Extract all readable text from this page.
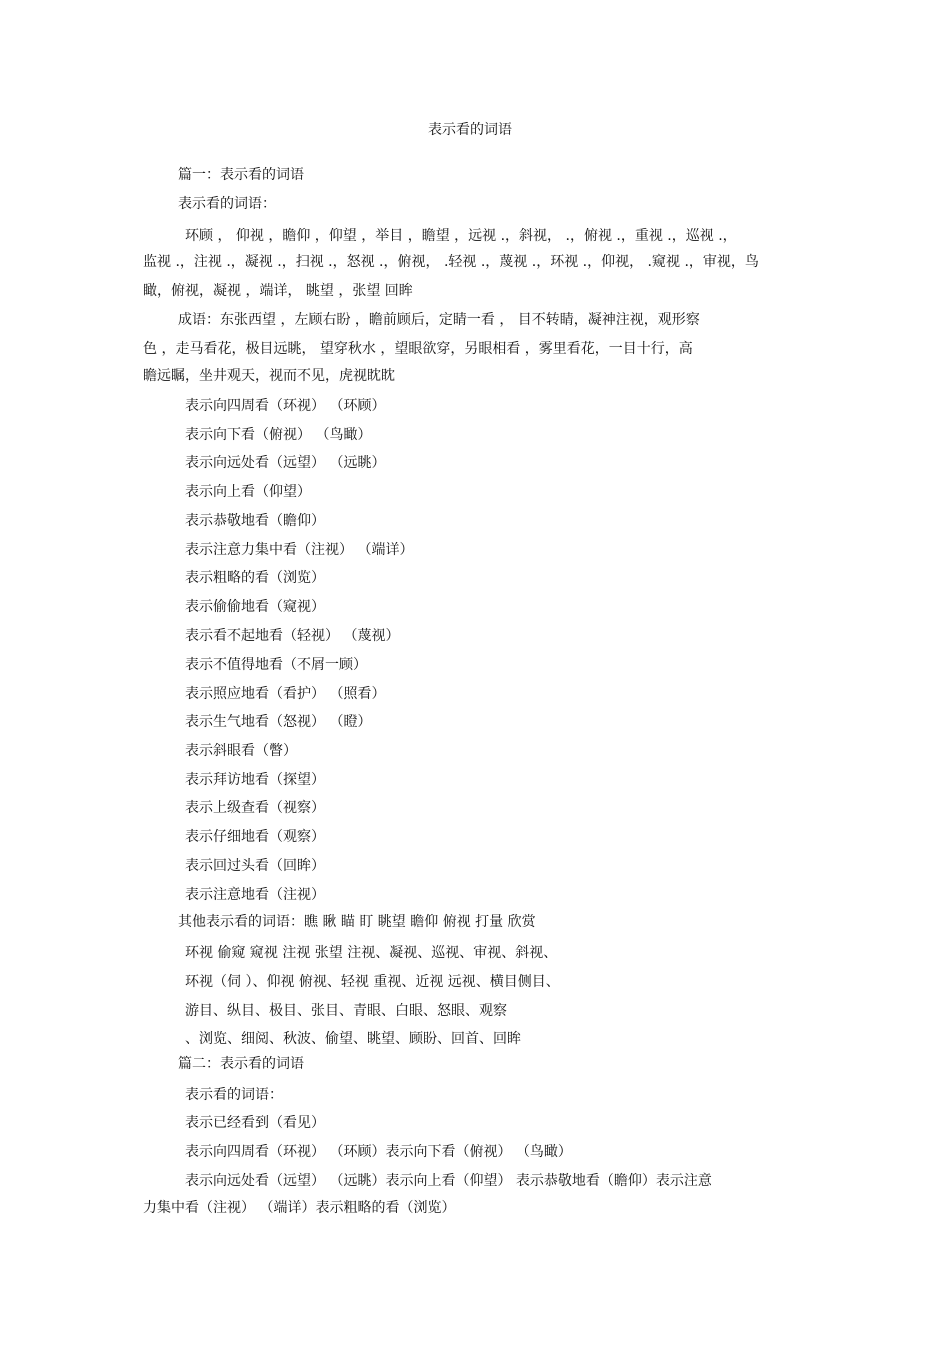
表示看的词语
篇一：表示看的词语
表示看的词语：
环顾 ， 仰视 ，瞻仰 ，仰望 ，举目 ，瞻望 ，远视 .，斜视， .，俯视 .，重视 .，巡视 .，
监视 .，注视 .，凝视 .，扫视 .，怒视 .，俯视， .轻视 .，蔑视 .，环视 .，仰视， .窥视 .，审视，鸟
瞰，俯视，凝视 ，端详， 眺望 ，张望 回眸
成语：东张西望 ，左顾右盼 ，瞻前顾后，定睛一看 ， 目不转睛，凝神注视，观形察
色 ，走马看花，极目远眺， 望穿秋水 ，望眼欲穿，另眼相看 ，雾里看花，一目十行，高
瞻远瞩，坐井观天，视而不见，虎视眈眈
表示向四周看（环视） （环顾）
表示向下看（俯视） （鸟瞰）
表示向远处看（远望） （远眺）
表示向上看（仰望）
表示恭敬地看（瞻仰）
表示注意力集中看（注视） （端详）
表示粗略的看（浏览）
表示偷偷地看（窥视）
表示看不起地看（轻视） （蔑视）
表示不值得地看（不屑一顾）
表示照应地看（看护） （照看）
表示生气地看（怒视） （瞪）
表示斜眼看（瞥）
表示拜访地看（探望）
表示上级查看（视察）
表示仔细地看（观察）
表示回过头看（回眸）
表示注意地看（注视）
其他表示看的词语：瞧 瞅 瞄 盯 眺望 瞻仰 俯视 打量 欣赏
环视 偷窥 窥视 注视 张望 注视、凝视、巡视、审视、斜视、
环视（伺 ）、仰视 俯视、轻视 重视、近视 远视、横目侧目、
游目、纵目、极目、张目、青眼、白眼、怒眼、观察
、浏览、细阅、秋波、偷望、眺望、顾盼、回首、回眸
篇二：表示看的词语
表示看的词语：
表示已经看到（看见）
表示向四周看（环视） （环顾）表示向下看（俯视） （鸟瞰）
表示向远处看（远望） （远眺）表示向上看（仰望） 表示恭敬地看（瞻仰）表示注意
力集中看（注视） （端详）表示粗略的看（浏览）
